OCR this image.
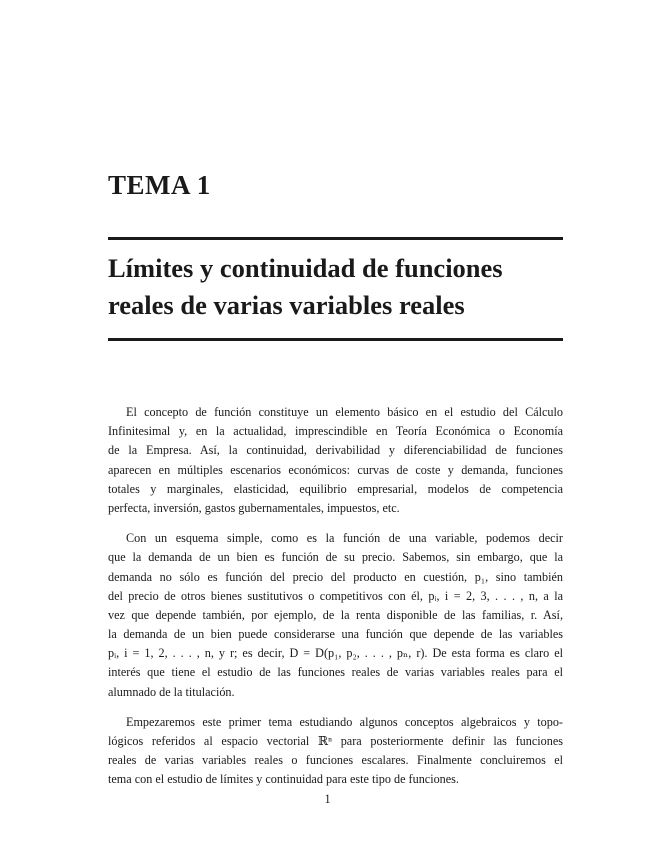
TEMA 1
Límites y continuidad de funciones
reales de varias variables reales

El concepto de función constituye un elemento básico en el estudio del Cálculo
Infinitesimal y, en la actualidad, imprescindible en Teoría Económica o Economía
de la Empresa. Así, la continuidad, derivabilidad y diferenciabilidad de funciones
aparecen en múltiples escenarios económicos: curvas de coste y demanda, funciones
totales y marginales, elasticidad, equilibrio empresarial, modelos de competencia
perfecta, inversión, gastos gubernamentales, impuestos, etc.

Con un esquema simple, como es la función de una variable, podemos decir
que la demanda de un bien es función de su precio. Sabemos, sin embargo, que la
demanda no sólo es función del precio del producto en cuestión, p₁, sino también
del precio de otros bienes sustitutivos o competitivos con él, pᵢ, i = 2, 3, . . . , n, a la
vez que depende también, por ejemplo, de la renta disponible de las familias, r. Así,
la demanda de un bien puede considerarse una función que depende de las variables
pᵢ, i = 1, 2, . . . , n, y r; es decir, D = D(p₁, p₂, . . . , pₙ, r). De esta forma es claro el
interés que tiene el estudio de las funciones reales de varias variables reales para el
alumnado de la titulación.

Empezaremos este primer tema estudiando algunos conceptos algebraicos y topo-
lógicos referidos al espacio vectorial ℝⁿ para posteriormente definir las funciones
reales de varias variables reales o funciones escalares. Finalmente concluiremos el
tema con el estudio de límites y continuidad para este tipo de funciones.

1
